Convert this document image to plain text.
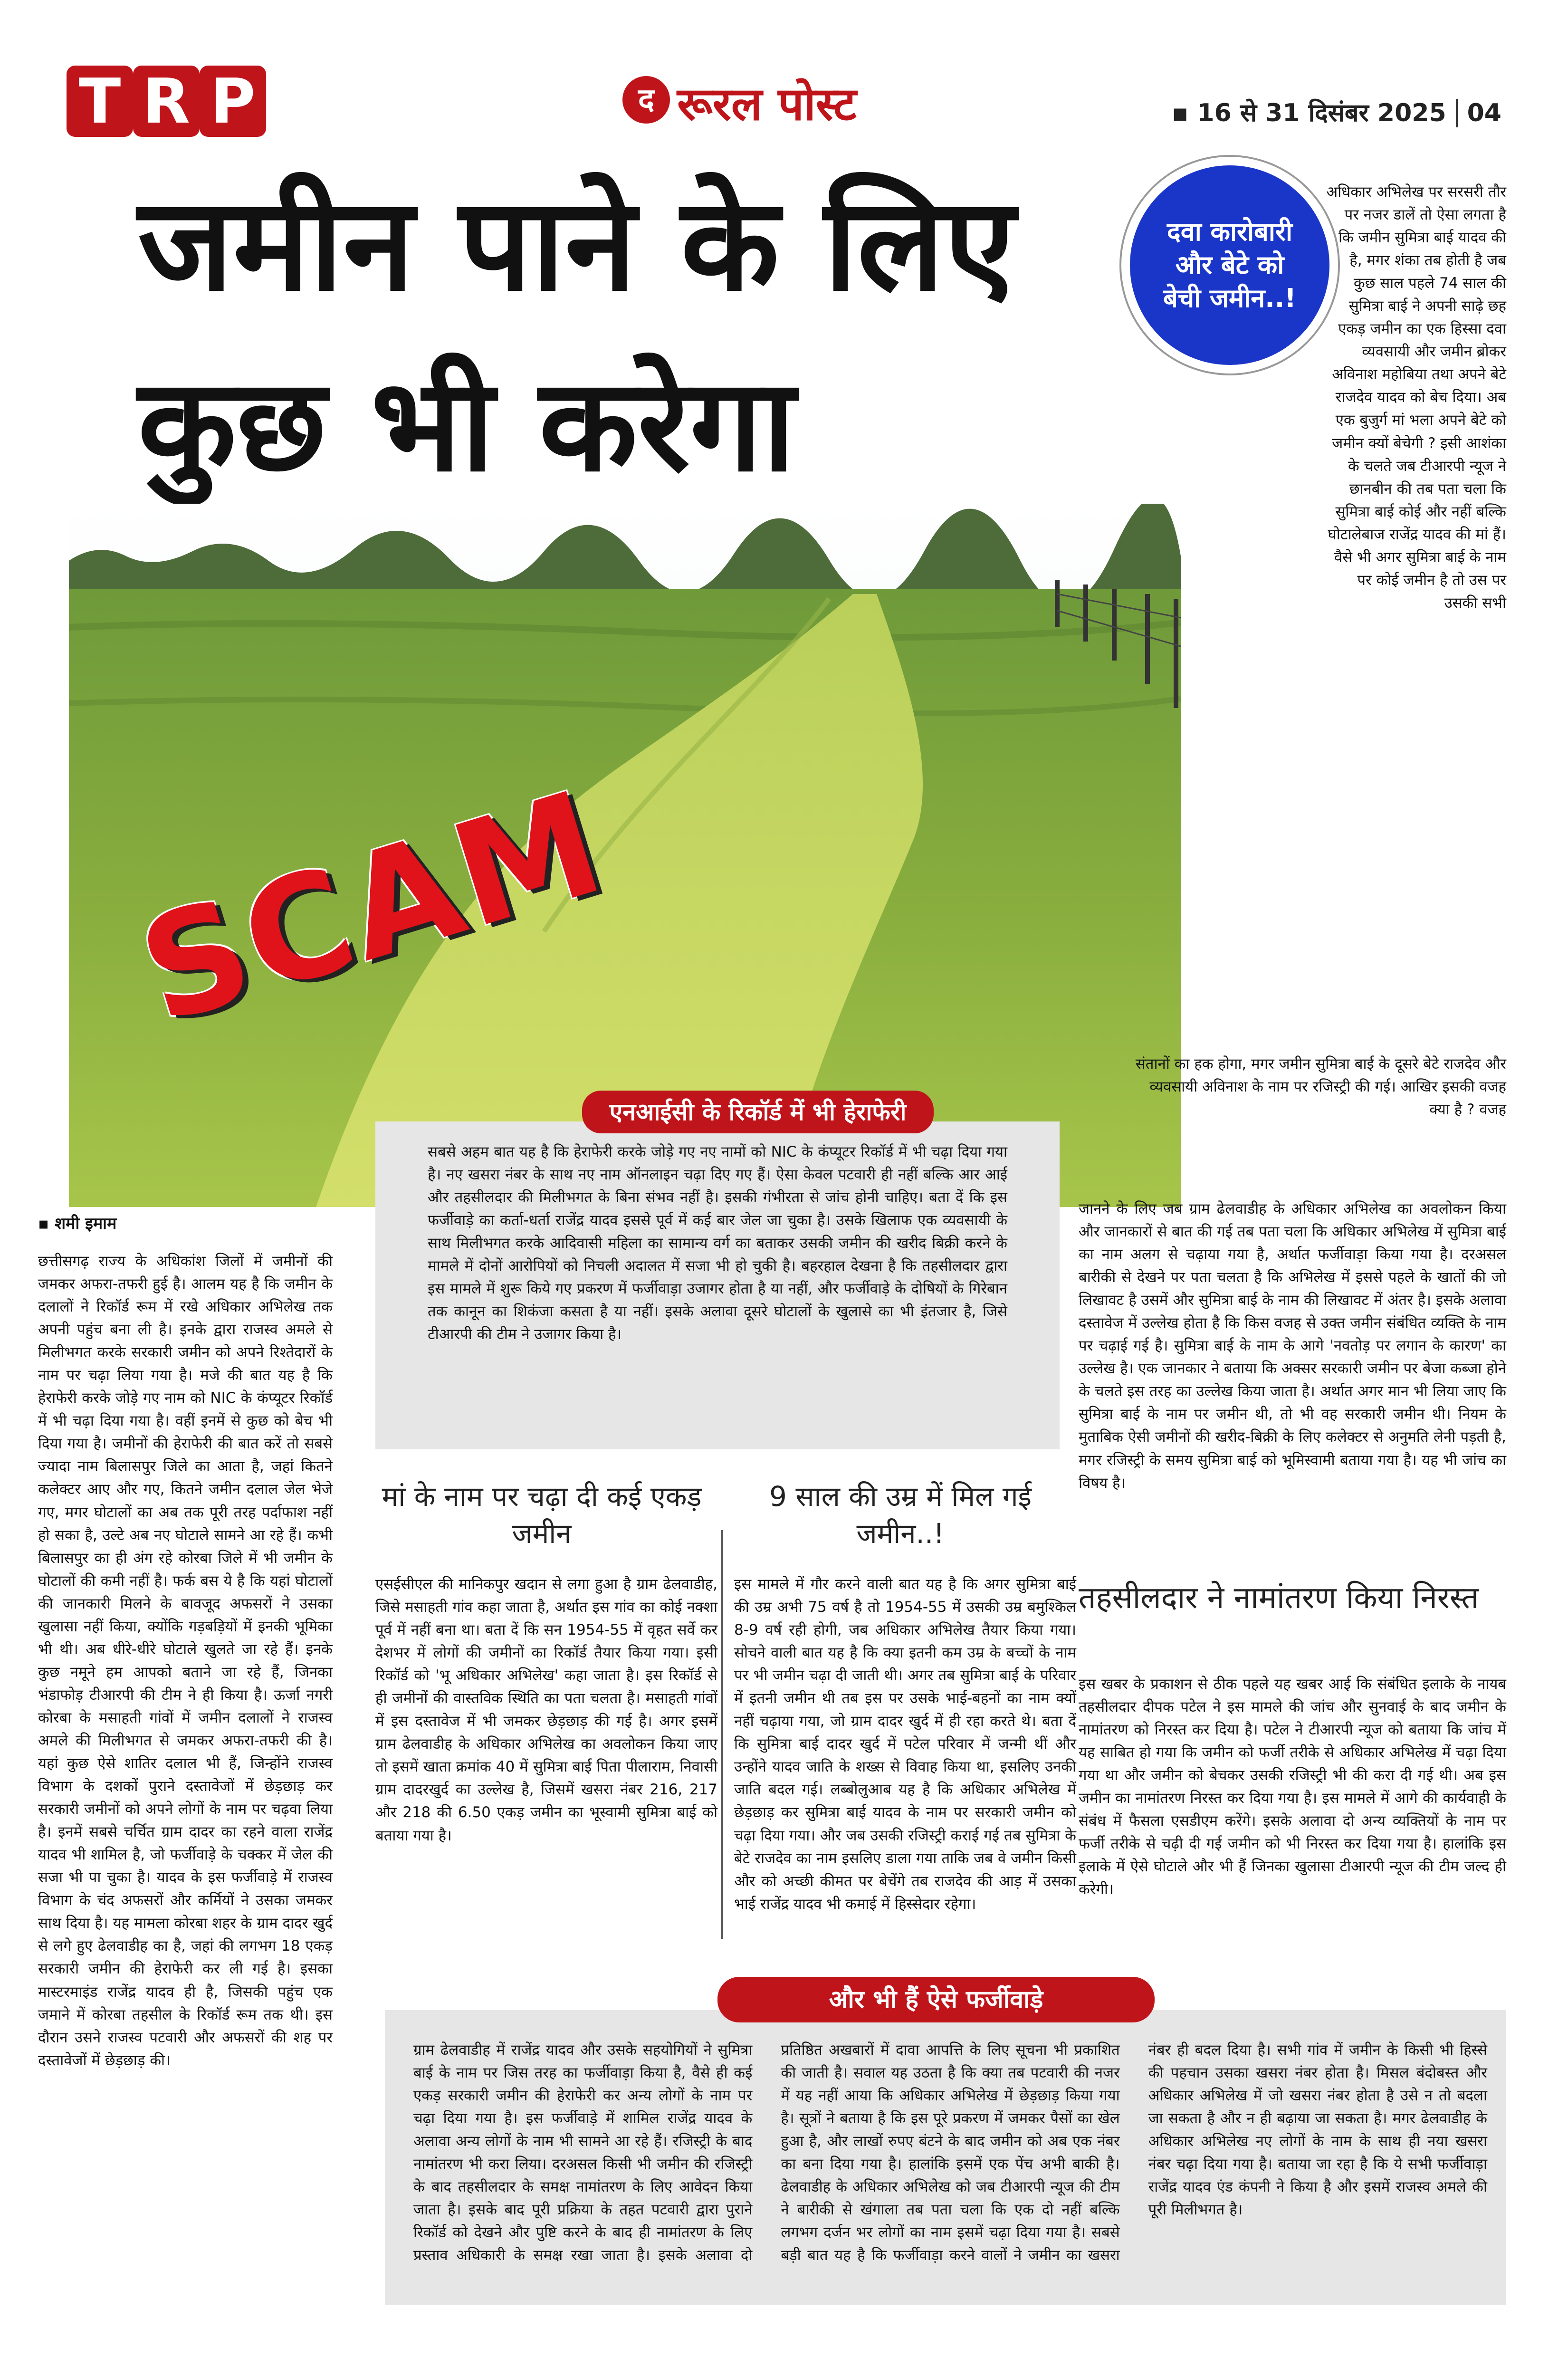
T R P	द रूरल पोस्ट	▪ 16 से 31 दिसंबर 2025 04
जमीन पाने के लिए
कुछ भी करेगा
SCAM
दवा कारोबारी और बेटे को बेची जमीन..!
अधिकार अभिलेख पर सरसरी तौर पर नजर डालें तो ऐसा लगता है कि जमीन सुमित्रा बाई यादव की है, मगर शंका तब होती है जब कुछ साल पहले 74 साल की सुमित्रा बाई ने अपनी साढ़े छह एकड़ जमीन का एक हिस्सा दवा व्यवसायी और जमीन ब्रोकर अविनाश महोबिया तथा अपने बेटे राजदेव यादव को बेच दिया। अब एक बुजुर्ग मां भला अपने बेटे को जमीन क्यों बेचेगी ? इसी आशंका के चलते जब टीआरपी न्यूज ने छानबीन की तब पता चला कि सुमित्रा बाई कोई और नहीं बल्कि घोटालेबाज राजेंद्र यादव की मां हैं। वैसे भी अगर सुमित्रा बाई के नाम पर कोई जमीन है तो उस पर उसकी सभी
संतानों का हक होगा, मगर जमीन सुमित्रा बाई के दूसरे बेटे राजदेव और व्यवसायी अविनाश के नाम पर रजिस्ट्री की गई। आखिर इसकी वजह क्या है ? वजह
जानने के लिए जब ग्राम ढेलवाडीह के अधिकार अभिलेख का अवलोकन किया और जानकारों से बात की गई तब पता चला कि अधिकार अभिलेख में सुमित्रा बाई का नाम अलग से चढ़ाया गया है, अर्थात फर्जीवाड़ा किया गया है। दरअसल बारीकी से देखने पर पता चलता है कि अभिलेख में इससे पहले के खातों की जो लिखावट है उसमें और सुमित्रा बाई के नाम की लिखावट में अंतर है। इसके अलावा दस्तावेज में उल्लेख होता है कि किस वजह से उक्त जमीन संबंधित व्यक्ति के नाम पर चढ़ाई गई है। सुमित्रा बाई के नाम के आगे 'नवतोड़ पर लगान के कारण' का उल्लेख है। एक जानकार ने बताया कि अक्सर सरकारी जमीन पर बेजा कब्जा होने के चलते इस तरह का उल्लेख किया जाता है। अर्थात अगर मान भी लिया जाए कि सुमित्रा बाई के नाम पर जमीन थी, तो भी वह सरकारी जमीन थी। नियम के मुताबिक ऐसी जमीनों की खरीद-बिक्री के लिए कलेक्टर से अनुमति लेनी पड़ती है, मगर रजिस्ट्री के समय सुमित्रा बाई को भूमिस्वामी बताया गया है। यह भी जांच का विषय है।
एनआईसी के रिकॉर्ड में भी हेराफेरी
सबसे अहम बात यह है कि हेराफेरी करके जोड़े गए नए नामों को NIC के कंप्यूटर रिकॉर्ड में भी चढ़ा दिया गया है। नए खसरा नंबर के साथ नए नाम ऑनलाइन चढ़ा दिए गए हैं। ऐसा केवल पटवारी ही नहीं बल्कि आर आई और तहसीलदार की मिलीभगत के बिना संभव नहीं है। इसकी गंभीरता से जांच होनी चाहिए। बता दें कि इस फर्जीवाड़े का कर्ता-धर्ता राजेंद्र यादव इससे पूर्व में कई बार जेल जा चुका है। उसके खिलाफ एक व्यवसायी के साथ मिलीभगत करके आदिवासी महिला का सामान्य वर्ग का बताकर उसकी जमीन की खरीद बिक्री करने के मामले में दोनों आरोपियों को निचली अदालत में सजा भी हो चुकी है। बहरहाल देखना है कि तहसीलदार द्वारा इस मामले में शुरू किये गए प्रकरण में फर्जीवाड़ा उजागर होता है या नहीं, और फर्जीवाड़े के दोषियों के गिरेबान तक कानून का शिकंजा कसता है या नहीं। इसके अलावा दूसरे घोटालों के खुलासे का भी इंतजार है, जिसे टीआरपी की टीम ने उजागर किया है।
▪ शमी इमाम
छत्तीसगढ़ राज्य के अधिकांश जिलों में जमीनों की जमकर अफरा-तफरी हुई है। आलम यह है कि जमीन के दलालों ने रिकॉर्ड रूम में रखे अधिकार अभिलेख तक अपनी पहुंच बना ली है। इनके द्वारा राजस्व अमले से मिलीभगत करके सरकारी जमीन को अपने रिश्तेदारों के नाम पर चढ़ा लिया गया है। मजे की बात यह है कि हेराफेरी करके जोड़े गए नाम को NIC के कंप्यूटर रिकॉर्ड में भी चढ़ा दिया गया है। वहीं इनमें से कुछ को बेच भी दिया गया है। जमीनों की हेराफेरी की बात करें तो सबसे ज्यादा नाम बिलासपुर जिले का आता है, जहां कितने कलेक्टर आए और गए, कितने जमीन दलाल जेल भेजे गए, मगर घोटालों का अब तक पूरी तरह पर्दाफाश नहीं हो सका है, उल्टे अब नए घोटाले सामने आ रहे हैं। कभी बिलासपुर का ही अंग रहे कोरबा जिले में भी जमीन के घोटालों की कमी नहीं है। फर्क बस ये है कि यहां घोटालों की जानकारी मिलने के बावजूद अफसरों ने उसका खुलासा नहीं किया, क्योंकि गड़बड़ियों में इनकी भूमिका भी थी। अब धीरे-धीरे घोटाले खुलते जा रहे हैं। इनके कुछ नमूने हम आपको बताने जा रहे हैं, जिनका भंडाफोड़ टीआरपी की टीम ने ही किया है। ऊर्जा नगरी कोरबा के मसाहती गांवों में जमीन दलालों ने राजस्व अमले की मिलीभगत से जमकर अफरा-तफरी की है। यहां कुछ ऐसे शातिर दलाल भी हैं, जिन्होंने राजस्व विभाग के दशकों पुराने दस्तावेजों में छेड़छाड़ कर सरकारी जमीनों को अपने लोगों के नाम पर चढ़वा लिया है। इनमें सबसे चर्चित ग्राम दादर का रहने वाला राजेंद्र यादव भी शामिल है, जो फर्जीवाड़े के चक्कर में जेल की सजा भी पा चुका है। यादव के इस फर्जीवाड़े में राजस्व विभाग के चंद अफसरों और कर्मियों ने उसका जमकर साथ दिया है। यह मामला कोरबा शहर के ग्राम दादर खुर्द से लगे हुए ढेलवाडीह का है, जहां की लगभग 18 एकड़ सरकारी जमीन की हेराफेरी कर ली गई है। इसका मास्टरमाइंड राजेंद्र यादव ही है, जिसकी पहुंच एक जमाने में कोरबा तहसील के रिकॉर्ड रूम तक थी। इस दौरान उसने राजस्व पटवारी और अफसरों की शह पर दस्तावेजों में छेड़छाड़ की।
मां के नाम पर चढ़ा दी कई एकड़ जमीन
9 साल की उम्र में मिल गई जमीन..!
एसईसीएल की मानिकपुर खदान से लगा हुआ है ग्राम ढेलवाडीह, जिसे मसाहती गांव कहा जाता है, अर्थात इस गांव का कोई नक्शा पूर्व में नहीं बना था। बता दें कि सन 1954-55 में वृहत सर्वे कर देशभर में लोगों की जमीनों का रिकॉर्ड तैयार किया गया। इसी रिकॉर्ड को 'भू अधिकार अभिलेख' कहा जाता है। इस रिकॉर्ड से ही जमीनों की वास्तविक स्थिति का पता चलता है। मसाहती गांवों में इस दस्तावेज में भी जमकर छेड़छाड़ की गई है। अगर इसमें ग्राम ढेलवाडीह के अधिकार अभिलेख का अवलोकन किया जाए तो इसमें खाता क्रमांक 40 में सुमित्रा बाई पिता पीलाराम, निवासी ग्राम दादरखुर्द का उल्लेख है, जिसमें खसरा नंबर 216, 217 और 218 की 6.50 एकड़ जमीन का भूस्वामी सुमित्रा बाई को बताया गया है।
इस मामले में गौर करने वाली बात यह है कि अगर सुमित्रा बाई की उम्र अभी 75 वर्ष है तो 1954-55 में उसकी उम्र बमुश्किल 8-9 वर्ष रही होगी, जब अधिकार अभिलेख तैयार किया गया। सोचने वाली बात यह है कि क्या इतनी कम उम्र के बच्चों के नाम पर भी जमीन चढ़ा दी जाती थी। अगर तब सुमित्रा बाई के परिवार में इतनी जमीन थी तब इस पर उसके भाई-बहनों का नाम क्यों नहीं चढ़ाया गया, जो ग्राम दादर खुर्द में ही रहा करते थे। बता दें कि सुमित्रा बाई दादर खुर्द में पटेल परिवार में जन्मी थीं और उन्होंने यादव जाति के शख्स से विवाह किया था, इसलिए उनकी जाति बदल गई। लब्बोलुआब यह है कि अधिकार अभिलेख में छेड़छाड़ कर सुमित्रा बाई यादव के नाम पर सरकारी जमीन को चढ़ा दिया गया। और जब उसकी रजिस्ट्री कराई गई तब सुमित्रा के बेटे राजदेव का नाम इसलिए डाला गया ताकि जब वे जमीन किसी और को अच्छी कीमत पर बेचेंगे तब राजदेव की आड़ में उसका भाई राजेंद्र यादव भी कमाई में हिस्सेदार रहेगा।
तहसीलदार ने नामांतरण किया निरस्त
इस खबर के प्रकाशन से ठीक पहले यह खबर आई कि संबंधित इलाके के नायब तहसीलदार दीपक पटेल ने इस मामले की जांच और सुनवाई के बाद जमीन के नामांतरण को निरस्त कर दिया है। पटेल ने टीआरपी न्यूज को बताया कि जांच में यह साबित हो गया कि जमीन को फर्जी तरीके से अधिकार अभिलेख में चढ़ा दिया गया था और जमीन को बेचकर उसकी रजिस्ट्री भी की करा दी गई थी। अब इस जमीन का नामांतरण निरस्त कर दिया गया है। इस मामले में आगे की कार्यवाही के संबंध में फैसला एसडीएम करेंगे। इसके अलावा दो अन्य व्यक्तियों के नाम पर फर्जी तरीके से चढ़ी दी गई जमीन को भी निरस्त कर दिया गया है। हालांकि इस इलाके में ऐसे घोटाले और भी हैं जिनका खुलासा टीआरपी न्यूज की टीम जल्द ही करेगी।
और भी हैं ऐसे फर्जीवाड़े
ग्राम ढेलवाडीह में राजेंद्र यादव और उसके सहयोगियों ने सुमित्रा बाई के नाम पर जिस तरह का फर्जीवाड़ा किया है, वैसे ही कई एकड़ सरकारी जमीन की हेराफेरी कर अन्य लोगों के नाम पर चढ़ा दिया गया है। इस फर्जीवाड़े में शामिल राजेंद्र यादव के अलावा अन्य लोगों के नाम भी सामने आ रहे हैं। रजिस्ट्री के बाद नामांतरण भी करा लिया। दरअसल किसी भी जमीन की रजिस्ट्री के बाद तहसीलदार के समक्ष नामांतरण के लिए आवेदन किया जाता है। इसके बाद पूरी प्रक्रिया के तहत पटवारी द्वारा पुराने रिकॉर्ड को देखने और पुष्टि करने के बाद ही नामांतरण के लिए प्रस्ताव अधिकारी के समक्ष रखा जाता है। इसके अलावा दो प्रतिष्ठित अखबारों में दावा आपत्ति के लिए सूचना भी प्रकाशित की जाती है। सवाल यह उठता है कि क्या तब पटवारी की नजर में यह नहीं आया कि अधिकार अभिलेख में छेड़छाड़ किया गया है। सूत्रों ने बताया है कि इस पूरे प्रकरण में जमकर पैसों का खेल हुआ है, और लाखों रुपए बंटने के बाद जमीन को अब एक नंबर का बना दिया गया है। हालांकि इसमें एक पेंच अभी बाकी है। ढेलवाडीह के अधिकार अभिलेख को जब टीआरपी न्यूज की टीम ने बारीकी से खंगाला तब पता चला कि एक दो नहीं बल्कि लगभग दर्जन भर लोगों का नाम इसमें चढ़ा दिया गया है। सबसे बड़ी बात यह है कि फर्जीवाड़ा करने वालों ने जमीन का खसरा नंबर ही बदल दिया है। सभी गांव में जमीन के किसी भी हिस्से की पहचान उसका खसरा नंबर होता है। मिसल बंदोबस्त और अधिकार अभिलेख में जो खसरा नंबर होता है उसे न तो बदला जा सकता है और न ही बढ़ाया जा सकता है। मगर ढेलवाडीह के अधिकार अभिलेख नए लोगों के नाम के साथ ही नया खसरा नंबर चढ़ा दिया गया है। बताया जा रहा है कि ये सभी फर्जीवाड़ा राजेंद्र यादव एंड कंपनी ने किया है और इसमें राजस्व अमले की पूरी मिलीभगत है।
